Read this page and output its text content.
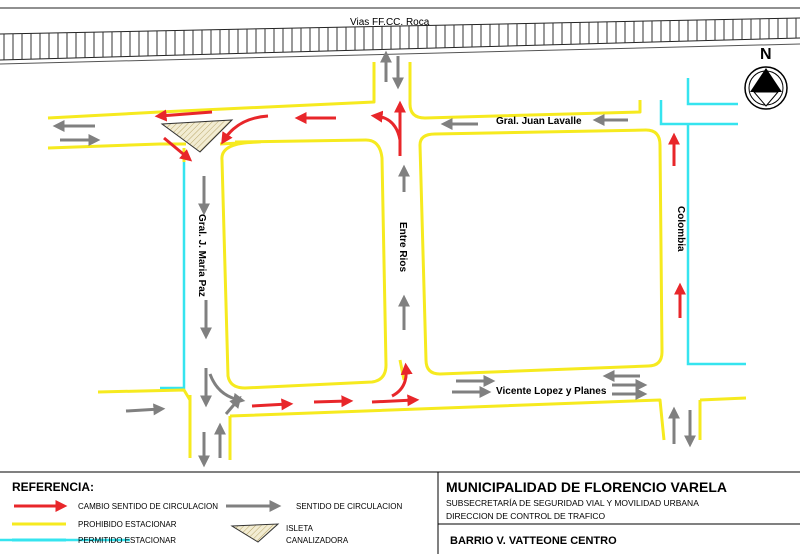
Vias FF.CC. Roca
Gral. Juan Lavalle
Gral. J. Maria Paz	Entre Rios	Colombia
Vicente Lopez y Planes
N
REFERENCIA:
CAMBIO SENTIDO DE CIRCULACION	SENTIDO DE CIRCULACION
PROHIBIDO ESTACIONAR
PERMITIDO ESTACIONAR
ISLETA
CANALIZADORA
MUNICIPALIDAD DE FLORENCIO VARELA
SUBSECRETARÍA DE SEGURIDAD VIAL Y MOVILIDAD URBANA
DIRECCION DE CONTROL DE TRAFICO
BARRIO V. VATTEONE CENTRO
